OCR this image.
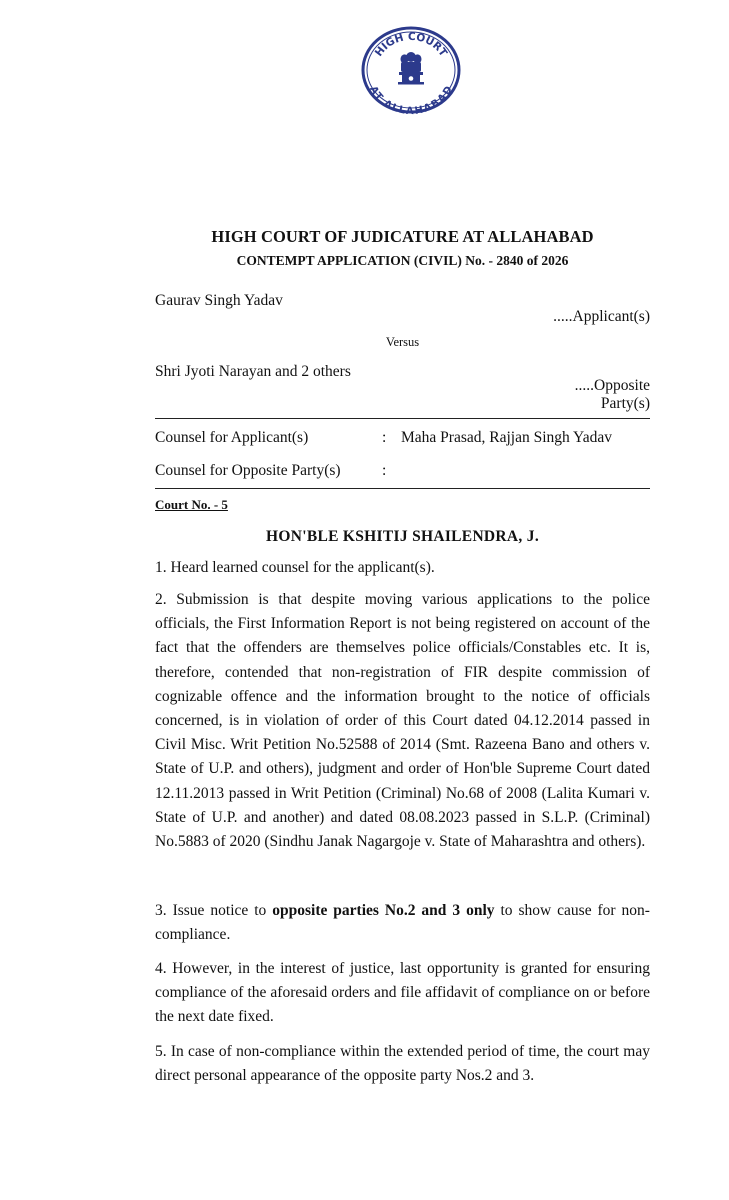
HIGH COURT
AT ALLAHABAD
HIGH COURT OF JUDICATURE AT ALLAHABAD
CONTEMPT APPLICATION (CIVIL) No. - 2840 of 2026
Gaurav Singh Yadav
.....Applicant(s)
Versus
Shri Jyoti Narayan and 2 others
.....Opposite
Party(s)
Counsel for Applicant(s)	: Maha Prasad, Rajjan Singh Yadav
Counsel for Opposite Party(s)	:
Court No. - 5
HON'BLE KSHITIJ SHAILENDRA, J.

1. Heard learned counsel for the applicant(s).

2. Submission is that despite moving various applications to the police officials, the First Information Report is not being registered on account of the fact that the offenders are themselves police officials/Constables etc. It is, therefore, contended that non-registration of FIR despite commission of cognizable offence and the information brought to the notice of officials concerned, is in violation of order of this Court dated 04.12.2014 passed in Civil Misc. Writ Petition No.52588 of 2014 (Smt. Razeena Bano and others v. State of U.P. and others), judgment and order of Hon'ble Supreme Court dated 12.11.2013 passed in Writ Petition (Criminal) No.68 of 2008 (Lalita Kumari v. State of U.P. and another) and dated 08.08.2023 passed in S.L.P. (Criminal) No.5883 of 2020 (Sindhu Janak Nagargoje v. State of Maharashtra and others).

3. Issue notice to opposite parties No.2 and 3 only to show cause for non-compliance.

4. However, in the interest of justice, last opportunity is granted for ensuring compliance of the aforesaid orders and file affidavit of compliance on or before the next date fixed.

5. In case of non-compliance within the extended period of time, the court may direct personal appearance of the opposite party Nos.2 and 3.
